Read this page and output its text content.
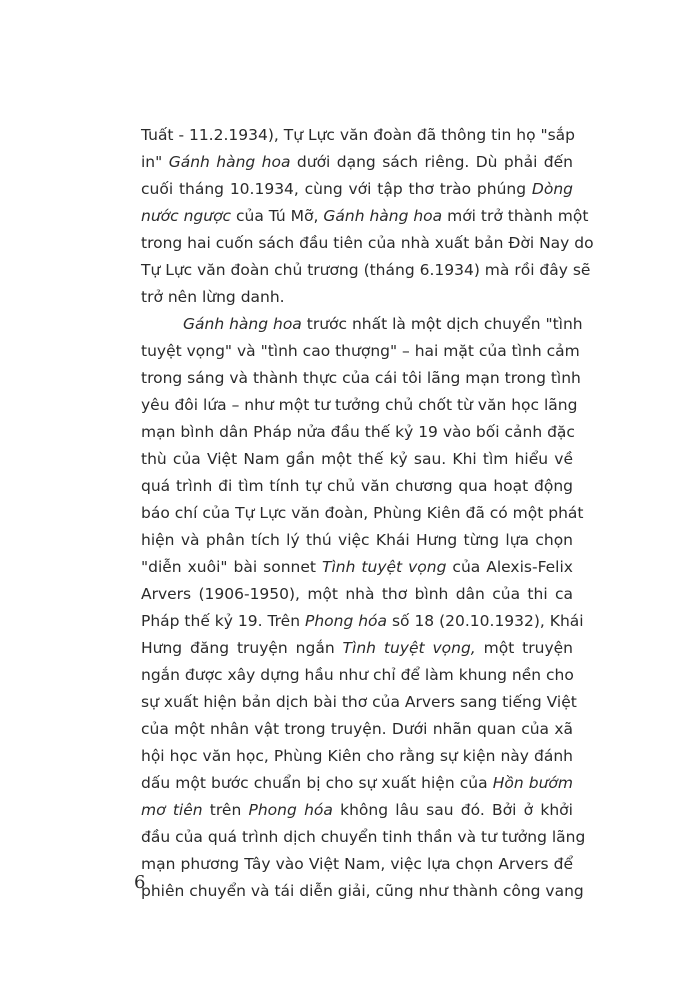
Tuất - 11.2.1934), Tự Lực văn đoàn đã thông tin họ "sắp
in" Gánh hàng hoa dưới dạng sách riêng. Dù phải đến
cuối tháng 10.1934, cùng với tập thơ trào phúng Dòng
nước ngược của Tú Mỡ, Gánh hàng hoa mới trở thành một
trong hai cuốn sách đầu tiên của nhà xuất bản Đời Nay do
Tự Lực văn đoàn chủ trương (tháng 6.1934) mà rồi đây sẽ
trở nên lừng danh.
Gánh hàng hoa trước nhất là một dịch chuyển "tình
tuyệt vọng" và "tình cao thượng" – hai mặt của tình cảm
trong sáng và thành thực của cái tôi lãng mạn trong tình
yêu đôi lứa – như một tư tưởng chủ chốt từ văn học lãng
mạn bình dân Pháp nửa đầu thế kỷ 19 vào bối cảnh đặc
thù của Việt Nam gần một thế kỷ sau. Khi tìm hiểu về
quá trình đi tìm tính tự chủ văn chương qua hoạt động
báo chí của Tự Lực văn đoàn, Phùng Kiên đã có một phát
hiện và phân tích lý thú việc Khái Hưng từng lựa chọn
"diễn xuôi" bài sonnet Tình tuyệt vọng của Alexis-Felix
Arvers (1906-1950), một nhà thơ bình dân của thi ca
Pháp thế kỷ 19. Trên Phong hóa số 18 (20.10.1932), Khái
Hưng đăng truyện ngắn Tình tuyệt vọng, một truyện
ngắn được xây dựng hầu như chỉ để làm khung nền cho
sự xuất hiện bản dịch bài thơ của Arvers sang tiếng Việt
của một nhân vật trong truyện. Dưới nhãn quan của xã
hội học văn học, Phùng Kiên cho rằng sự kiện này đánh
dấu một bước chuẩn bị cho sự xuất hiện của Hồn bướm
mơ tiên trên Phong hóa không lâu sau đó. Bởi ở khởi
đầu của quá trình dịch chuyển tinh thần và tư tưởng lãng
mạn phương Tây vào Việt Nam, việc lựa chọn Arvers để
phiên chuyển và tái diễn giải, cũng như thành công vang
6
